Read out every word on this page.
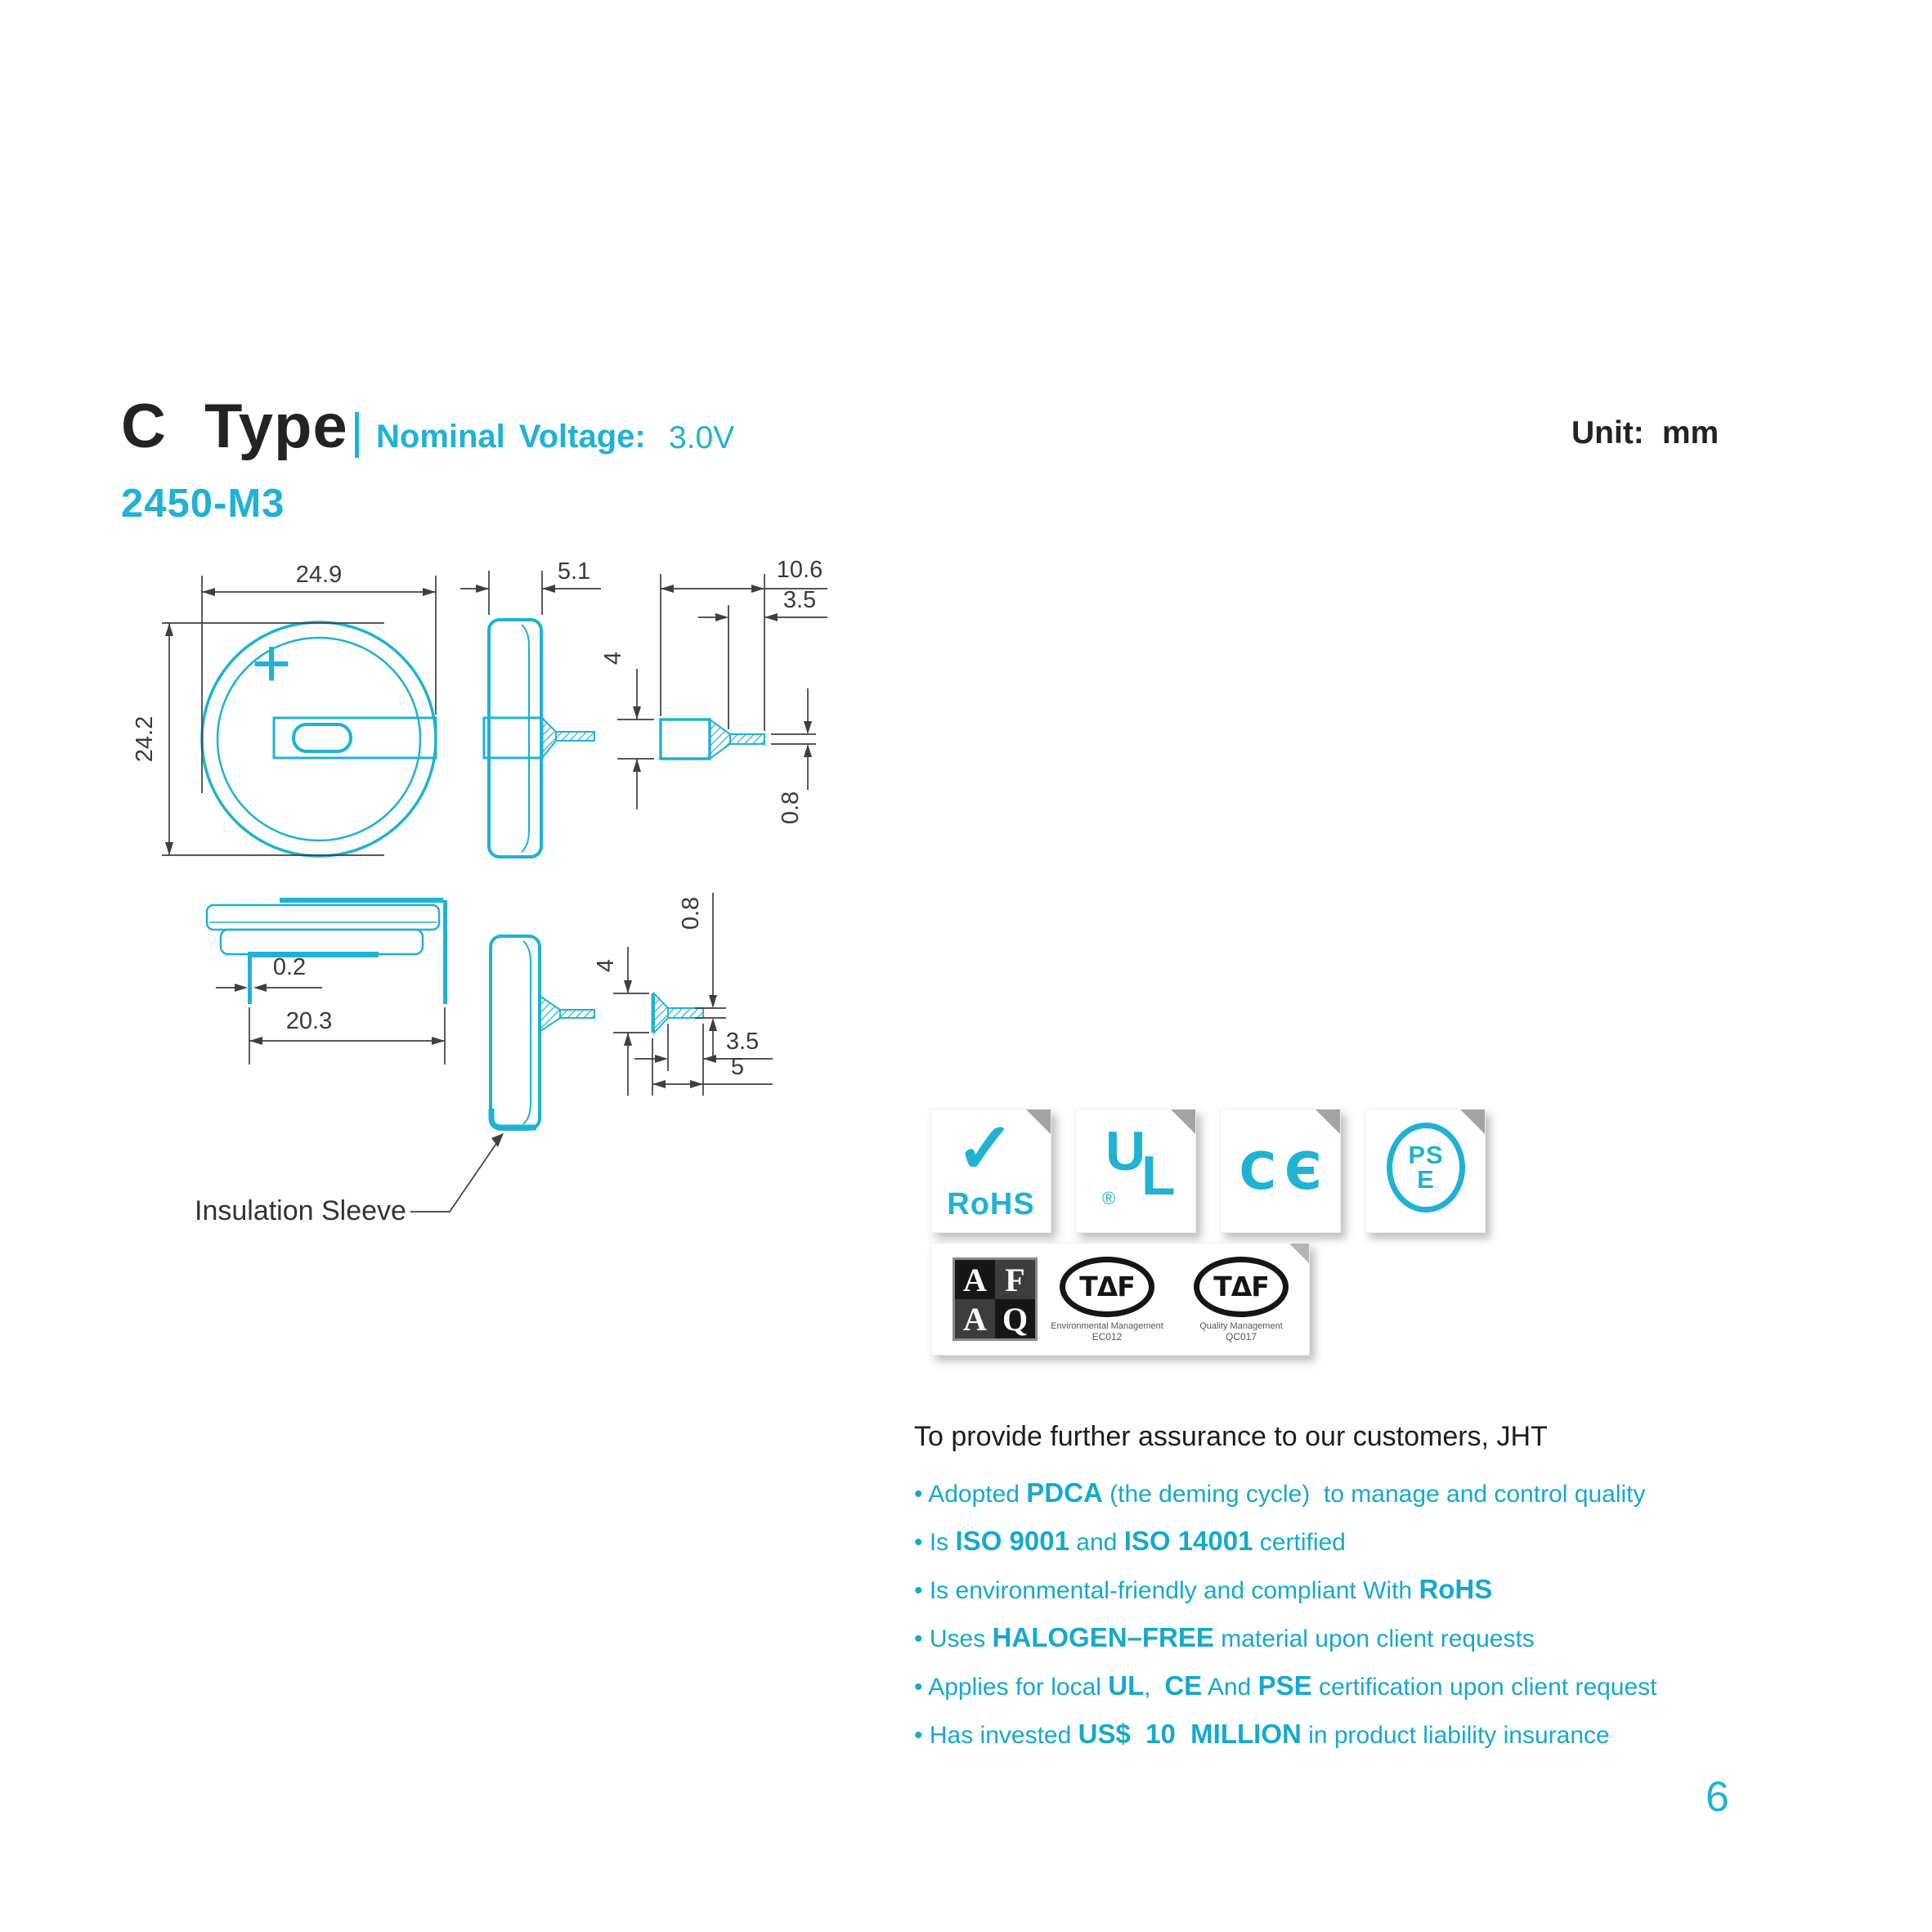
C Type Nominal Voltage: 3.0V	Unit: mm
2450-M3
+
24.9
24.2
5.1	10.6
3.5
4
0.8
0.2
20.3
Insulation Sleeve
4
0.8
3.5
5
✓
RoHS
U
L
® C Є	PS
E
A F
A Q
TΔF
Environmental Management
EC012
TΔF
Quality Management
QC017

To provide further assurance to our customers, JHT

• Adopted PDCA (the deming cycle)  to manage and control quality
• Is ISO 9001 and ISO 14001 certified
• Is environmental-friendly and compliant With RoHS
• Uses HALOGEN–FREE material upon client requests
• Applies for local UL,  CE And PSE certification upon client request
• Has invested US$  10  MILLION in product liability insurance
6
